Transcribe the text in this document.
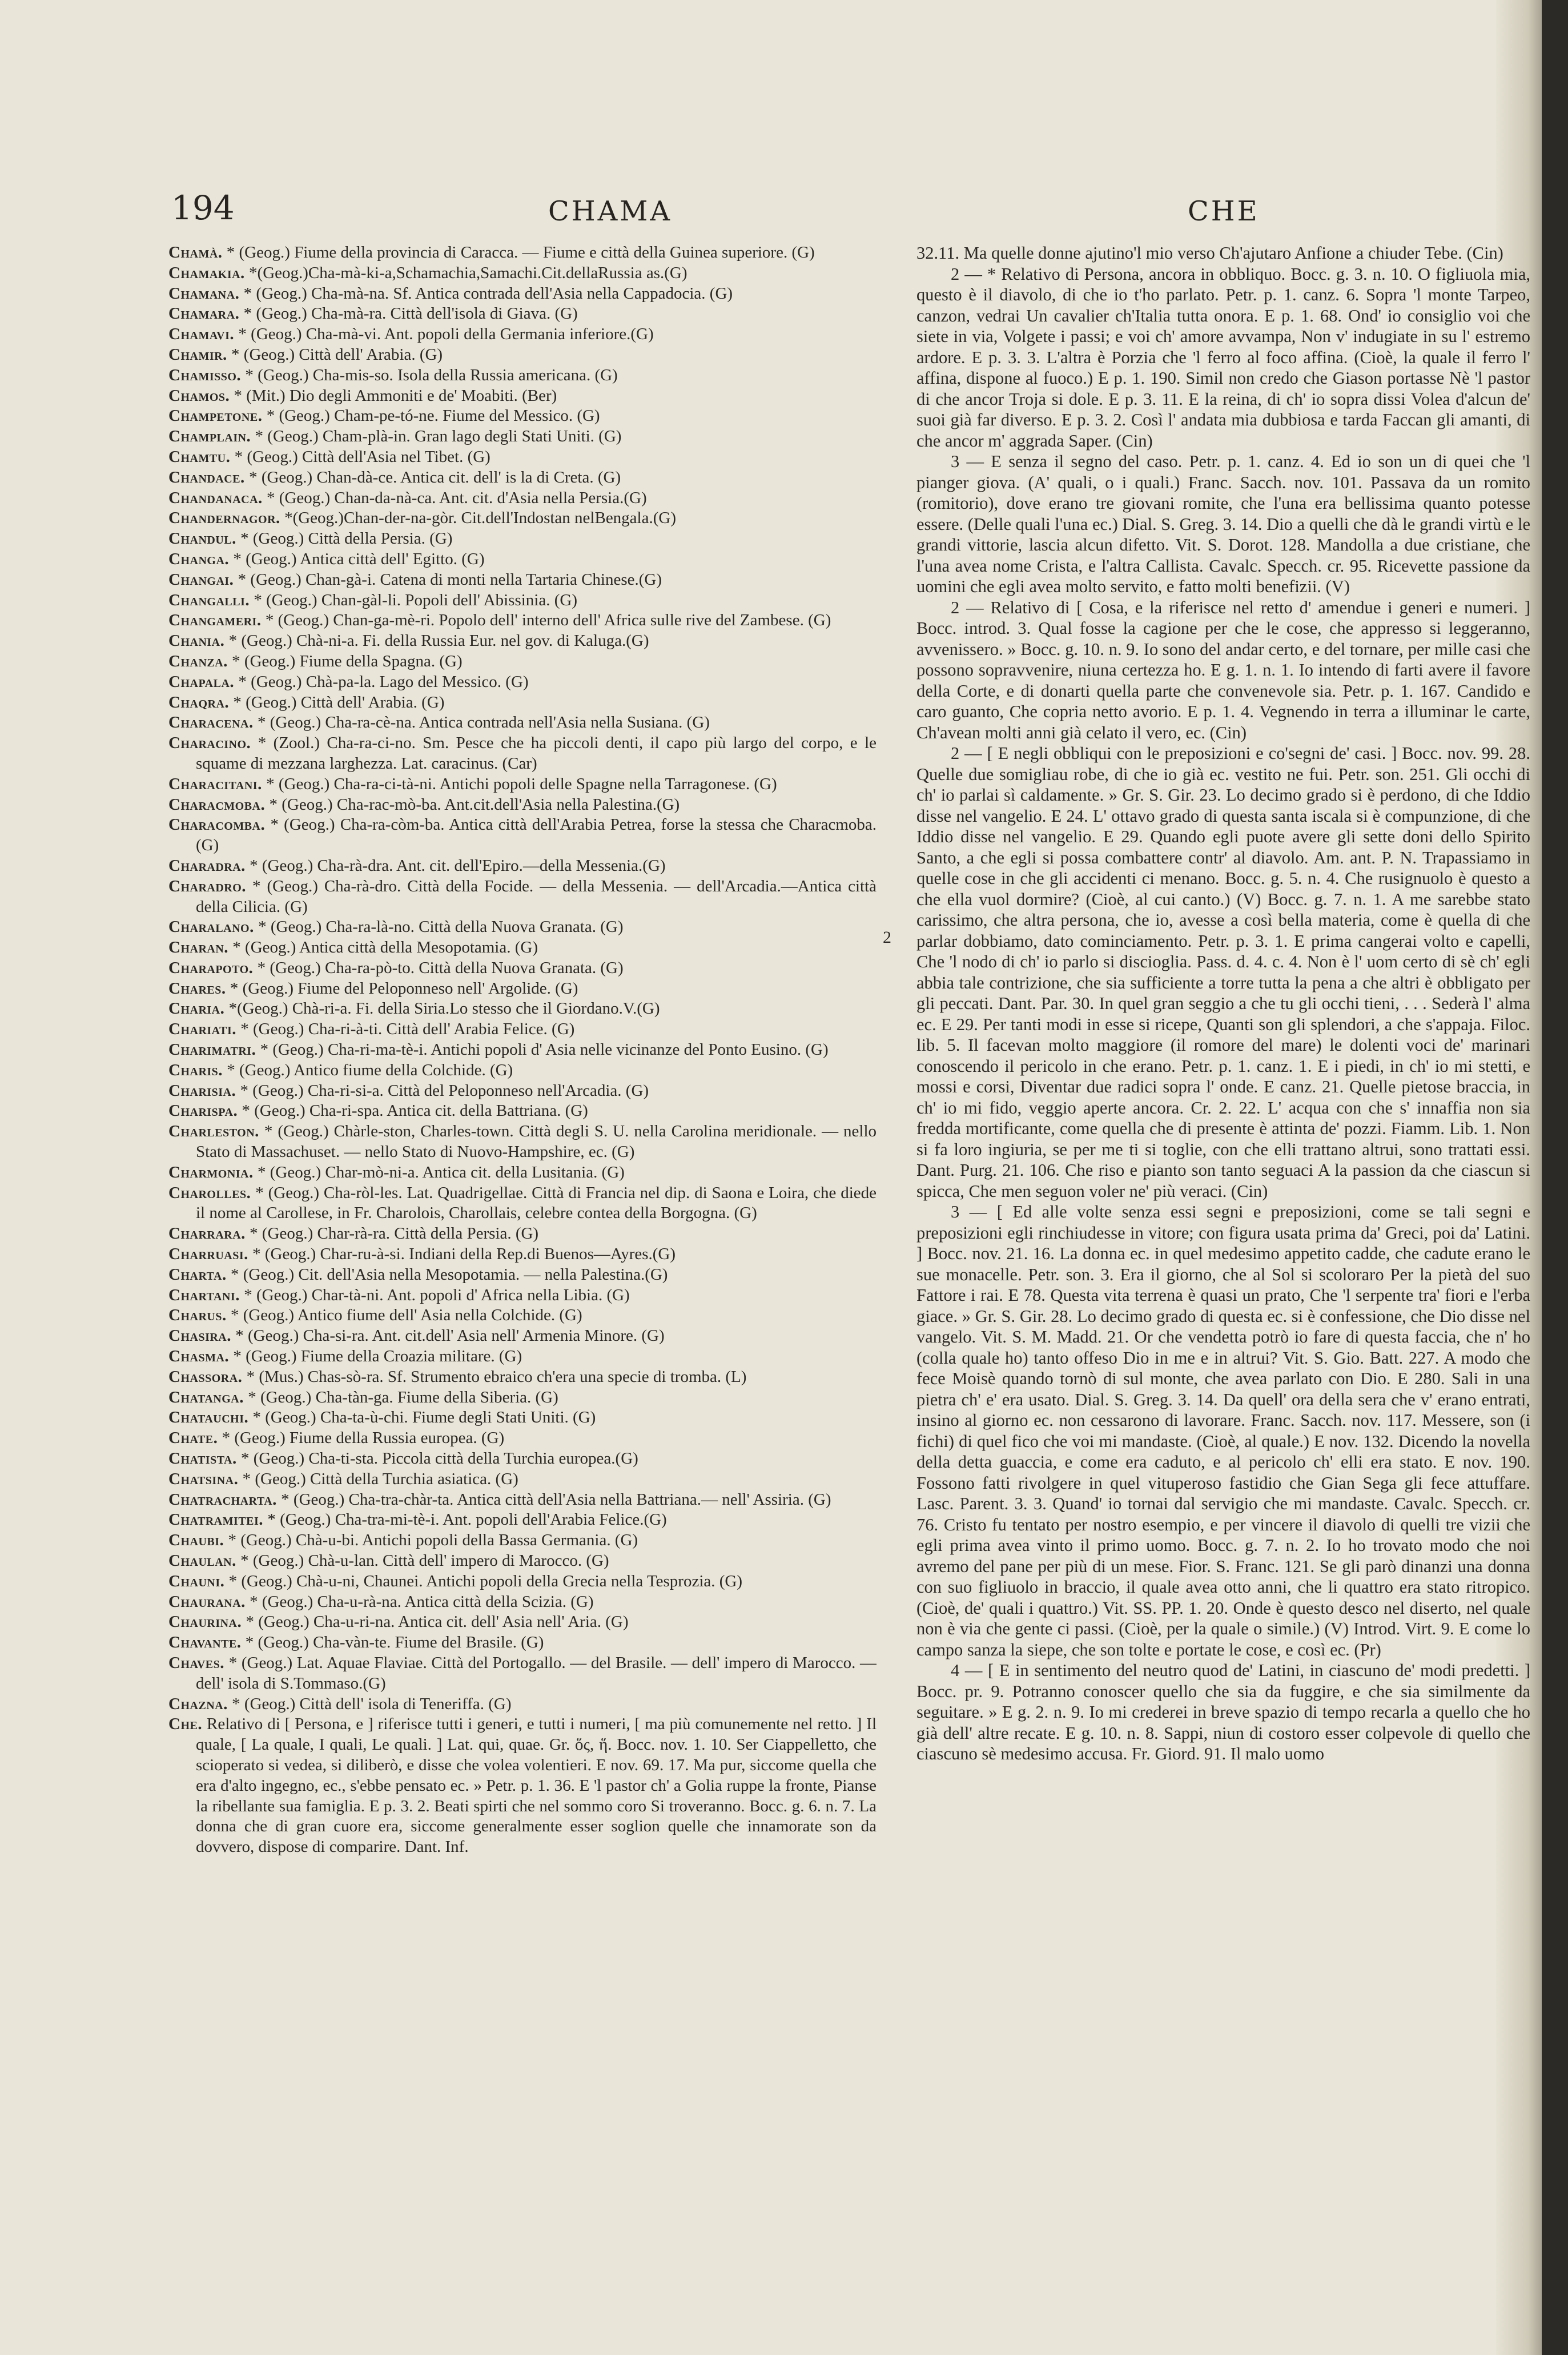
194	CHAMA	CHE

Chamà. * (Geog.) Fiume della provincia di Caracca. — Fiume e città della Guinea superiore. (G)

Chamakia. *(Geog.)Cha-mà-ki-a,Schamachia,Samachi.Cit.dellaRussia as.(G)

Chamana. * (Geog.) Cha-mà-na. Sf. Antica contrada dell'Asia nella Cappadocia. (G)

Chamara. * (Geog.) Cha-mà-ra. Città dell'isola di Giava. (G)

Chamavi. * (Geog.) Cha-mà-vi. Ant. popoli della Germania inferiore.(G)

Chamir. * (Geog.) Città dell' Arabia. (G)

Chamisso. * (Geog.) Cha-mis-so. Isola della Russia americana. (G)

Chamos. * (Mit.) Dio degli Ammoniti e de' Moabiti. (Ber)

Champetone. * (Geog.) Cham-pe-tó-ne. Fiume del Messico. (G)

Champlain. * (Geog.) Cham-plà-in. Gran lago degli Stati Uniti. (G)

Chamtu. * (Geog.) Città dell'Asia nel Tibet. (G)

Chandace. * (Geog.) Chan-dà-ce. Antica cit. dell' is la di Creta. (G)

Chandanaca. * (Geog.) Chan-da-nà-ca. Ant. cit. d'Asia nella Persia.(G)

Chandernagor. *(Geog.)Chan-der-na-gòr. Cit.dell'Indostan nelBengala.(G)

Chandul. * (Geog.) Città della Persia. (G)

Changa. * (Geog.) Antica città dell' Egitto. (G)

Changai. * (Geog.) Chan-gà-i. Catena di monti nella Tartaria Chinese.(G)

Changalli. * (Geog.) Chan-gàl-li. Popoli dell' Abissinia. (G)

Changameri. * (Geog.) Chan-ga-mè-ri. Popolo dell' interno dell' Africa sulle rive del Zambese. (G)

Chania. * (Geog.) Chà-ni-a. Fi. della Russia Eur. nel gov. di Kaluga.(G)

Chanza. * (Geog.) Fiume della Spagna. (G)

Chapala. * (Geog.) Chà-pa-la. Lago del Messico. (G)

Chaqra. * (Geog.) Città dell' Arabia. (G)

Characena. * (Geog.) Cha-ra-cè-na. Antica contrada nell'Asia nella Susiana. (G)

Characino. * (Zool.) Cha-ra-ci-no. Sm. Pesce che ha piccoli denti, il capo più largo del corpo, e le squame di mezzana larghezza. Lat. caracinus. (Car)

Characitani. * (Geog.) Cha-ra-ci-tà-ni. Antichi popoli delle Spagne nella Tarragonese. (G)

Characmoba. * (Geog.) Cha-rac-mò-ba. Ant.cit.dell'Asia nella Palestina.(G)

Characomba. * (Geog.) Cha-ra-còm-ba. Antica città dell'Arabia Petrea, forse la stessa che Characmoba. (G)

Charadra. * (Geog.) Cha-rà-dra. Ant. cit. dell'Epiro.—della Messenia.(G)

Charadro. * (Geog.) Cha-rà-dro. Città della Focide. — della Messenia. — dell'Arcadia.—Antica città della Cilicia. (G)

Charalano. * (Geog.) Cha-ra-là-no. Città della Nuova Granata. (G)

Charan. * (Geog.) Antica città della Mesopotamia. (G)

Charapoto. * (Geog.) Cha-ra-pò-to. Città della Nuova Granata. (G)

Chares. * (Geog.) Fiume del Peloponneso nell' Argolide. (G)

Charia. *(Geog.) Chà-ri-a. Fi. della Siria.Lo stesso che il Giordano.V.(G)

Chariati. * (Geog.) Cha-ri-à-ti. Città dell' Arabia Felice. (G)

Charimatri. * (Geog.) Cha-ri-ma-tè-i. Antichi popoli d' Asia nelle vicinanze del Ponto Eusino. (G)

Charis. * (Geog.) Antico fiume della Colchide. (G)

Charisia. * (Geog.) Cha-ri-si-a. Città del Peloponneso nell'Arcadia. (G)

Charispa. * (Geog.) Cha-ri-spa. Antica cit. della Battriana. (G)

Charleston. * (Geog.) Chàrle-ston, Charles-town. Città degli S. U. nella Carolina meridionale. — nello Stato di Massachuset. — nello Stato di Nuovo-Hampshire, ec. (G)

Charmonia. * (Geog.) Char-mò-ni-a. Antica cit. della Lusitania. (G)

Charolles. * (Geog.) Cha-ròl-les. Lat. Quadrigellae. Città di Francia nel dip. di Saona e Loira, che diede il nome al Carollese, in Fr. Charolois, Charollais, celebre contea della Borgogna. (G)

Charrara. * (Geog.) Char-rà-ra. Città della Persia. (G)

Charruasi. * (Geog.) Char-ru-à-si. Indiani della Rep.di Buenos—Ayres.(G)

Charta. * (Geog.) Cit. dell'Asia nella Mesopotamia. — nella Palestina.(G)

Chartani. * (Geog.) Char-tà-ni. Ant. popoli d' Africa nella Libia. (G)

Charus. * (Geog.) Antico fiume dell' Asia nella Colchide. (G)

Chasira. * (Geog.) Cha-si-ra. Ant. cit.dell' Asia nell' Armenia Minore. (G)

Chasma. * (Geog.) Fiume della Croazia militare. (G)

Chassora. * (Mus.) Chas-sò-ra. Sf. Strumento ebraico ch'era una specie di tromba. (L)

Chatanga. * (Geog.) Cha-tàn-ga. Fiume della Siberia. (G)

Chatauchi. * (Geog.) Cha-ta-ù-chi. Fiume degli Stati Uniti. (G)

Chate. * (Geog.) Fiume della Russia europea. (G)

Chatista. * (Geog.) Cha-ti-sta. Piccola città della Turchia europea.(G)

Chatsina. * (Geog.) Città della Turchia asiatica. (G)

Chatracharta. * (Geog.) Cha-tra-chàr-ta. Antica città dell'Asia nella Battriana.— nell' Assiria. (G)

Chatramitei. * (Geog.) Cha-tra-mi-tè-i. Ant. popoli dell'Arabia Felice.(G)

Chaubi. * (Geog.) Chà-u-bi. Antichi popoli della Bassa Germania. (G)

Chaulan. * (Geog.) Chà-u-lan. Città dell' impero di Marocco. (G)

Chauni. * (Geog.) Chà-u-ni, Chaunei. Antichi popoli della Grecia nella Tesprozia. (G)

Chaurana. * (Geog.) Cha-u-rà-na. Antica città della Scizia. (G)

Chaurina. * (Geog.) Cha-u-ri-na. Antica cit. dell' Asia nell' Aria. (G)

Chavante. * (Geog.) Cha-vàn-te. Fiume del Brasile. (G)

Chaves. * (Geog.) Lat. Aquae Flaviae. Città del Portogallo. — del Brasile. — dell' impero di Marocco. — dell' isola di S.Tommaso.(G)

Chazna. * (Geog.) Città dell' isola di Teneriffa. (G)

Che. Relativo di [ Persona, e ] riferisce tutti i generi, e tutti i numeri, [ ma più comunemente nel retto. ] Il quale, [ La quale, I quali, Le quali. ] Lat. qui, quae. Gr. ὅς, ἥ. Bocc. nov. 1. 10. Ser Ciappelletto, che scioperato si vedea, si diliberò, e disse che volea volentieri. E nov. 69. 17. Ma pur, siccome quella che era d'alto ingegno, ec., s'ebbe pensato ec. » Petr. p. 1. 36. E 'l pastor ch' a Golia ruppe la fronte, Pianse la ribellante sua famiglia. E p. 3. 2. Beati spirti che nel sommo coro Si troveranno. Bocc. g. 6. n. 7. La donna che di gran cuore era, siccome generalmente esser soglion quelle che innamorate son da dovvero, dispose di comparire. Dant. Inf.

2

32.11. Ma quelle donne ajutino'l mio verso Ch'ajutaro Anfione a chiuder Tebe. (Cin)

2 — * Relativo di Persona, ancora in obbliquo. Bocc. g. 3. n. 10. O figliuola mia, questo è il diavolo, di che io t'ho parlato. Petr. p. 1. canz. 6. Sopra 'l monte Tarpeo, canzon, vedrai Un cavalier ch'Italia tutta onora. E p. 1. 68. Ond' io consiglio voi che siete in via, Volgete i passi; e voi ch' amore avvampa, Non v' indugiate in su l' estremo ardore. E p. 3. 3. L'altra è Porzia che 'l ferro al foco affina. (Cioè, la quale il ferro l' affina, dispone al fuoco.) E p. 1. 190. Simil non credo che Giason portasse Nè 'l pastor di che ancor Troja si dole. E p. 3. 11. E la reina, di ch' io sopra dissi Volea d'alcun de' suoi già far diverso. E p. 3. 2. Così l' andata mia dubbiosa e tarda Faccan gli amanti, di che ancor m' aggrada Saper. (Cin)

3 — E senza il segno del caso. Petr. p. 1. canz. 4. Ed io son un di quei che 'l pianger giova. (A' quali, o i quali.) Franc. Sacch. nov. 101. Passava da un romito (romitorio), dove erano tre giovani romite, che l'una era bellissima quanto potesse essere. (Delle quali l'una ec.) Dial. S. Greg. 3. 14. Dio a quelli che dà le grandi virtù e le grandi vittorie, lascia alcun difetto. Vit. S. Dorot. 128. Mandolla a due cristiane, che l'una avea nome Crista, e l'altra Callista. Cavalc. Specch. cr. 95. Ricevette passione da uomini che egli avea molto servito, e fatto molti benefizii. (V)

2 — Relativo di [ Cosa, e la riferisce nel retto d' amendue i generi e numeri. ] Bocc. introd. 3. Qual fosse la cagione per che le cose, che appresso si leggeranno, avvenissero. » Bocc. g. 10. n. 9. Io sono del andar certo, e del tornare, per mille casi che possono sopravvenire, niuna certezza ho. E g. 1. n. 1. Io intendo di farti avere il favore della Corte, e di donarti quella parte che convenevole sia. Petr. p. 1. 167. Candido e caro guanto, Che copria netto avorio. E p. 1. 4. Vegnendo in terra a illuminar le carte, Ch'avean molti anni già celato il vero, ec. (Cin)

2 — [ E negli obbliqui con le preposizioni e co'segni de' casi. ] Bocc. nov. 99. 28. Quelle due somigliau robe, di che io già ec. vestito ne fui. Petr. son. 251. Gli occhi di ch' io parlai sì caldamente. » Gr. S. Gir. 23. Lo decimo grado si è perdono, di che Iddio disse nel vangelio. E 24. L' ottavo grado di questa santa iscala si è compunzione, di che Iddio disse nel vangelio. E 29. Quando egli puote avere gli sette doni dello Spirito Santo, a che egli si possa combattere contr' al diavolo. Am. ant. P. N. Trapassiamo in quelle cose in che gli accidenti ci menano. Bocc. g. 5. n. 4. Che rusignuolo è questo a che ella vuol dormire? (Cioè, al cui canto.) (V) Bocc. g. 7. n. 1. A me sarebbe stato carissimo, che altra persona, che io, avesse a così bella materia, come è quella di che parlar dobbiamo, dato cominciamento. Petr. p. 3. 1. E prima cangerai volto e capelli, Che 'l nodo di ch' io parlo si discioglia. Pass. d. 4. c. 4. Non è l' uom certo di sè ch' egli abbia tale contrizione, che sia sufficiente a torre tutta la pena a che altri è obbligato per gli peccati. Dant. Par. 30. In quel gran seggio a che tu gli occhi tieni, . . . Sederà l' alma ec. E 29. Per tanti modi in esse si ricepe, Quanti son gli splendori, a che s'appaja. Filoc. lib. 5. Il facevan molto maggiore (il romore del mare) le dolenti voci de' marinari conoscendo il pericolo in che erano. Petr. p. 1. canz. 1. E i piedi, in ch' io mi stetti, e mossi e corsi, Diventar due radici sopra l' onde. E canz. 21. Quelle pietose braccia, in ch' io mi fido, veggio aperte ancora. Cr. 2. 22. L' acqua con che s' innaffia non sia fredda mortificante, come quella che di presente è attinta de' pozzi. Fiamm. Lib. 1. Non si fa loro ingiuria, se per me ti si toglie, con che elli trattano altrui, sono trattati essi. Dant. Purg. 21. 106. Che riso e pianto son tanto seguaci A la passion da che ciascun si spicca, Che men seguon voler ne' più veraci. (Cin)

3 — [ Ed alle volte senza essi segni e preposizioni, come se tali segni e preposizioni egli rinchiudesse in vitore; con figura usata prima da' Greci, poi da' Latini. ] Bocc. nov. 21. 16. La donna ec. in quel medesimo appetito cadde, che cadute erano le sue monacelle. Petr. son. 3. Era il giorno, che al Sol si scoloraro Per la pietà del suo Fattore i rai. E 78. Questa vita terrena è quasi un prato, Che 'l serpente tra' fiori e l'erba giace. » Gr. S. Gir. 28. Lo decimo grado di questa ec. si è confessione, che Dio disse nel vangelo. Vit. S. M. Madd. 21. Or che vendetta potrò io fare di questa faccia, che n' ho (colla quale ho) tanto offeso Dio in me e in altrui? Vit. S. Gio. Batt. 227. A modo che fece Moisè quando tornò di sul monte, che avea parlato con Dio. E 280. Sali in una pietra ch' e' era usato. Dial. S. Greg. 3. 14. Da quell' ora della sera che v' erano entrati, insino al giorno ec. non cessarono di lavorare. Franc. Sacch. nov. 117. Messere, son (i fichi) di quel fico che voi mi mandaste. (Cioè, al quale.) E nov. 132. Dicendo la novella della detta guaccia, e come era caduto, e al pericolo ch' elli era stato. E nov. 190. Fossono fatti rivolgere in quel vituperoso fastidio che Gian Sega gli fece attuffare. Lasc. Parent. 3. 3. Quand' io tornai dal servigio che mi mandaste. Cavalc. Specch. cr. 76. Cristo fu tentato per nostro esempio, e per vincere il diavolo di quelli tre vizii che egli prima avea vinto il primo uomo. Bocc. g. 7. n. 2. Io ho trovato modo che noi avremo del pane per più di un mese. Fior. S. Franc. 121. Se gli parò dinanzi una donna con suo figliuolo in braccio, il quale avea otto anni, che li quattro era stato ritropico. (Cioè, de' quali i quattro.) Vit. SS. PP. 1. 20. Onde è questo desco nel diserto, nel quale non è via che gente ci passi. (Cioè, per la quale o simile.) (V) Introd. Virt. 9. E come lo campo sanza la siepe, che son tolte e portate le cose, e così ec. (Pr)

4 — [ E in sentimento del neutro quod de' Latini, in ciascuno de' modi predetti. ] Bocc. pr. 9. Potranno conoscer quello che sia da fuggire, e che sia similmente da seguitare. » E g. 2. n. 9. Io mi crederei in breve spazio di tempo recarla a quello che ho già dell' altre recate. E g. 10. n. 8. Sappi, niun di costoro esser colpevole di quello che ciascuno sè medesimo accusa. Fr. Giord. 91. Il malo uomo
